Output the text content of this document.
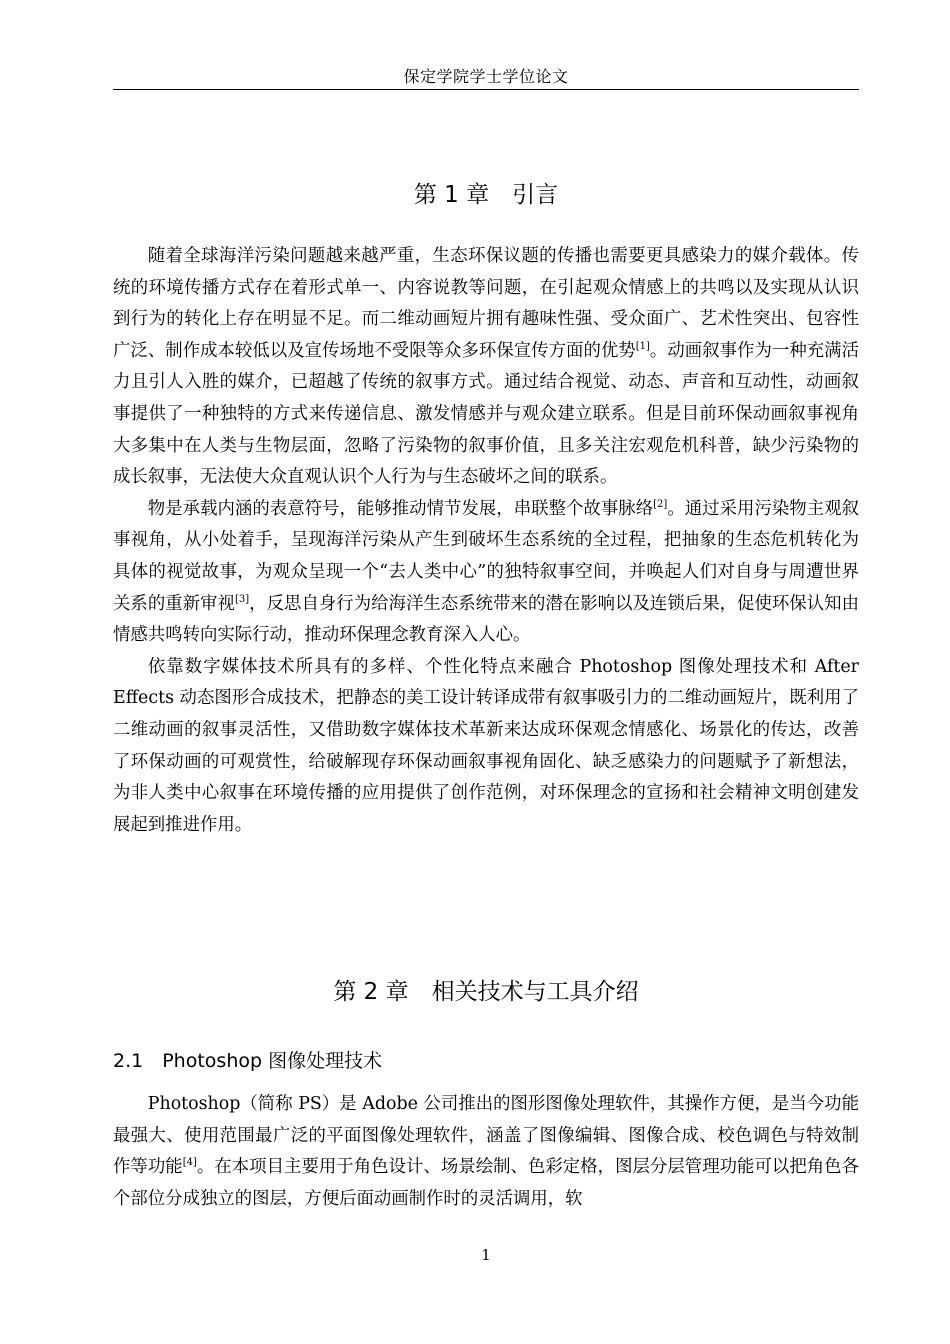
保定学院学士学位论文
第 1 章　引言

随着全球海洋污染问题越来越严重，生态环保议题的传播也需要更具感染力的媒介载体。传统的环境传播方式存在着形式单一、内容说教等问题，在引起观众情感上的共鸣以及实现从认识到行为的转化上存在明显不足。而二维动画短片拥有趣味性强、受众面广、艺术性突出、包容性广泛、制作成本较低以及宣传场地不受限等众多环保宣传方面的优势[1]。动画叙事作为一种充满活力且引人入胜的媒介，已超越了传统的叙事方式。通过结合视觉、动态、声音和互动性，动画叙事提供了一种独特的方式来传递信息、激发情感并与观众建立联系。但是目前环保动画叙事视角大多集中在人类与生物层面，忽略了污染物的叙事价值，且多关注宏观危机科普，缺少污染物的成长叙事，无法使大众直观认识个人行为与生态破坏之间的联系。

物是承载内涵的表意符号，能够推动情节发展，串联整个故事脉络[2]。通过采用污染物主观叙事视角，从小处着手，呈现海洋污染从产生到破坏生态系统的全过程，把抽象的生态危机转化为具体的视觉故事，为观众呈现一个“去人类中心”的独特叙事空间，并唤起人们对自身与周遭世界关系的重新审视[3]，反思自身行为给海洋生态系统带来的潜在影响以及连锁后果，促使环保认知由情感共鸣转向实际行动，推动环保理念教育深入人心。

依靠数字媒体技术所具有的多样、个性化特点来融合 Photoshop 图像处理技术和 After Effects 动态图形合成技术，把静态的美工设计转译成带有叙事吸引力的二维动画短片，既利用了二维动画的叙事灵活性，又借助数字媒体技术革新来达成环保观念情感化、场景化的传达，改善了环保动画的可观赏性，给破解现存环保动画叙事视角固化、缺乏感染力的问题赋予了新想法，为非人类中心叙事在环境传播的应用提供了创作范例，对环保理念的宣扬和社会精神文明创建发展起到推进作用。

第 2 章　相关技术与工具介绍
2.1　Photoshop 图像处理技术

Photoshop（简称 PS）是 Adobe 公司推出的图形图像处理软件，其操作方便，是当今功能最强大、使用范围最广泛的平面图像处理软件，涵盖了图像编辑、图像合成、校色调色与特效制作等功能[4]。在本项目主要用于角色设计、场景绘制、色彩定格，图层分层管理功能可以把角色各个部位分成独立的图层，方便后面动画制作时的灵活调用，软

1
